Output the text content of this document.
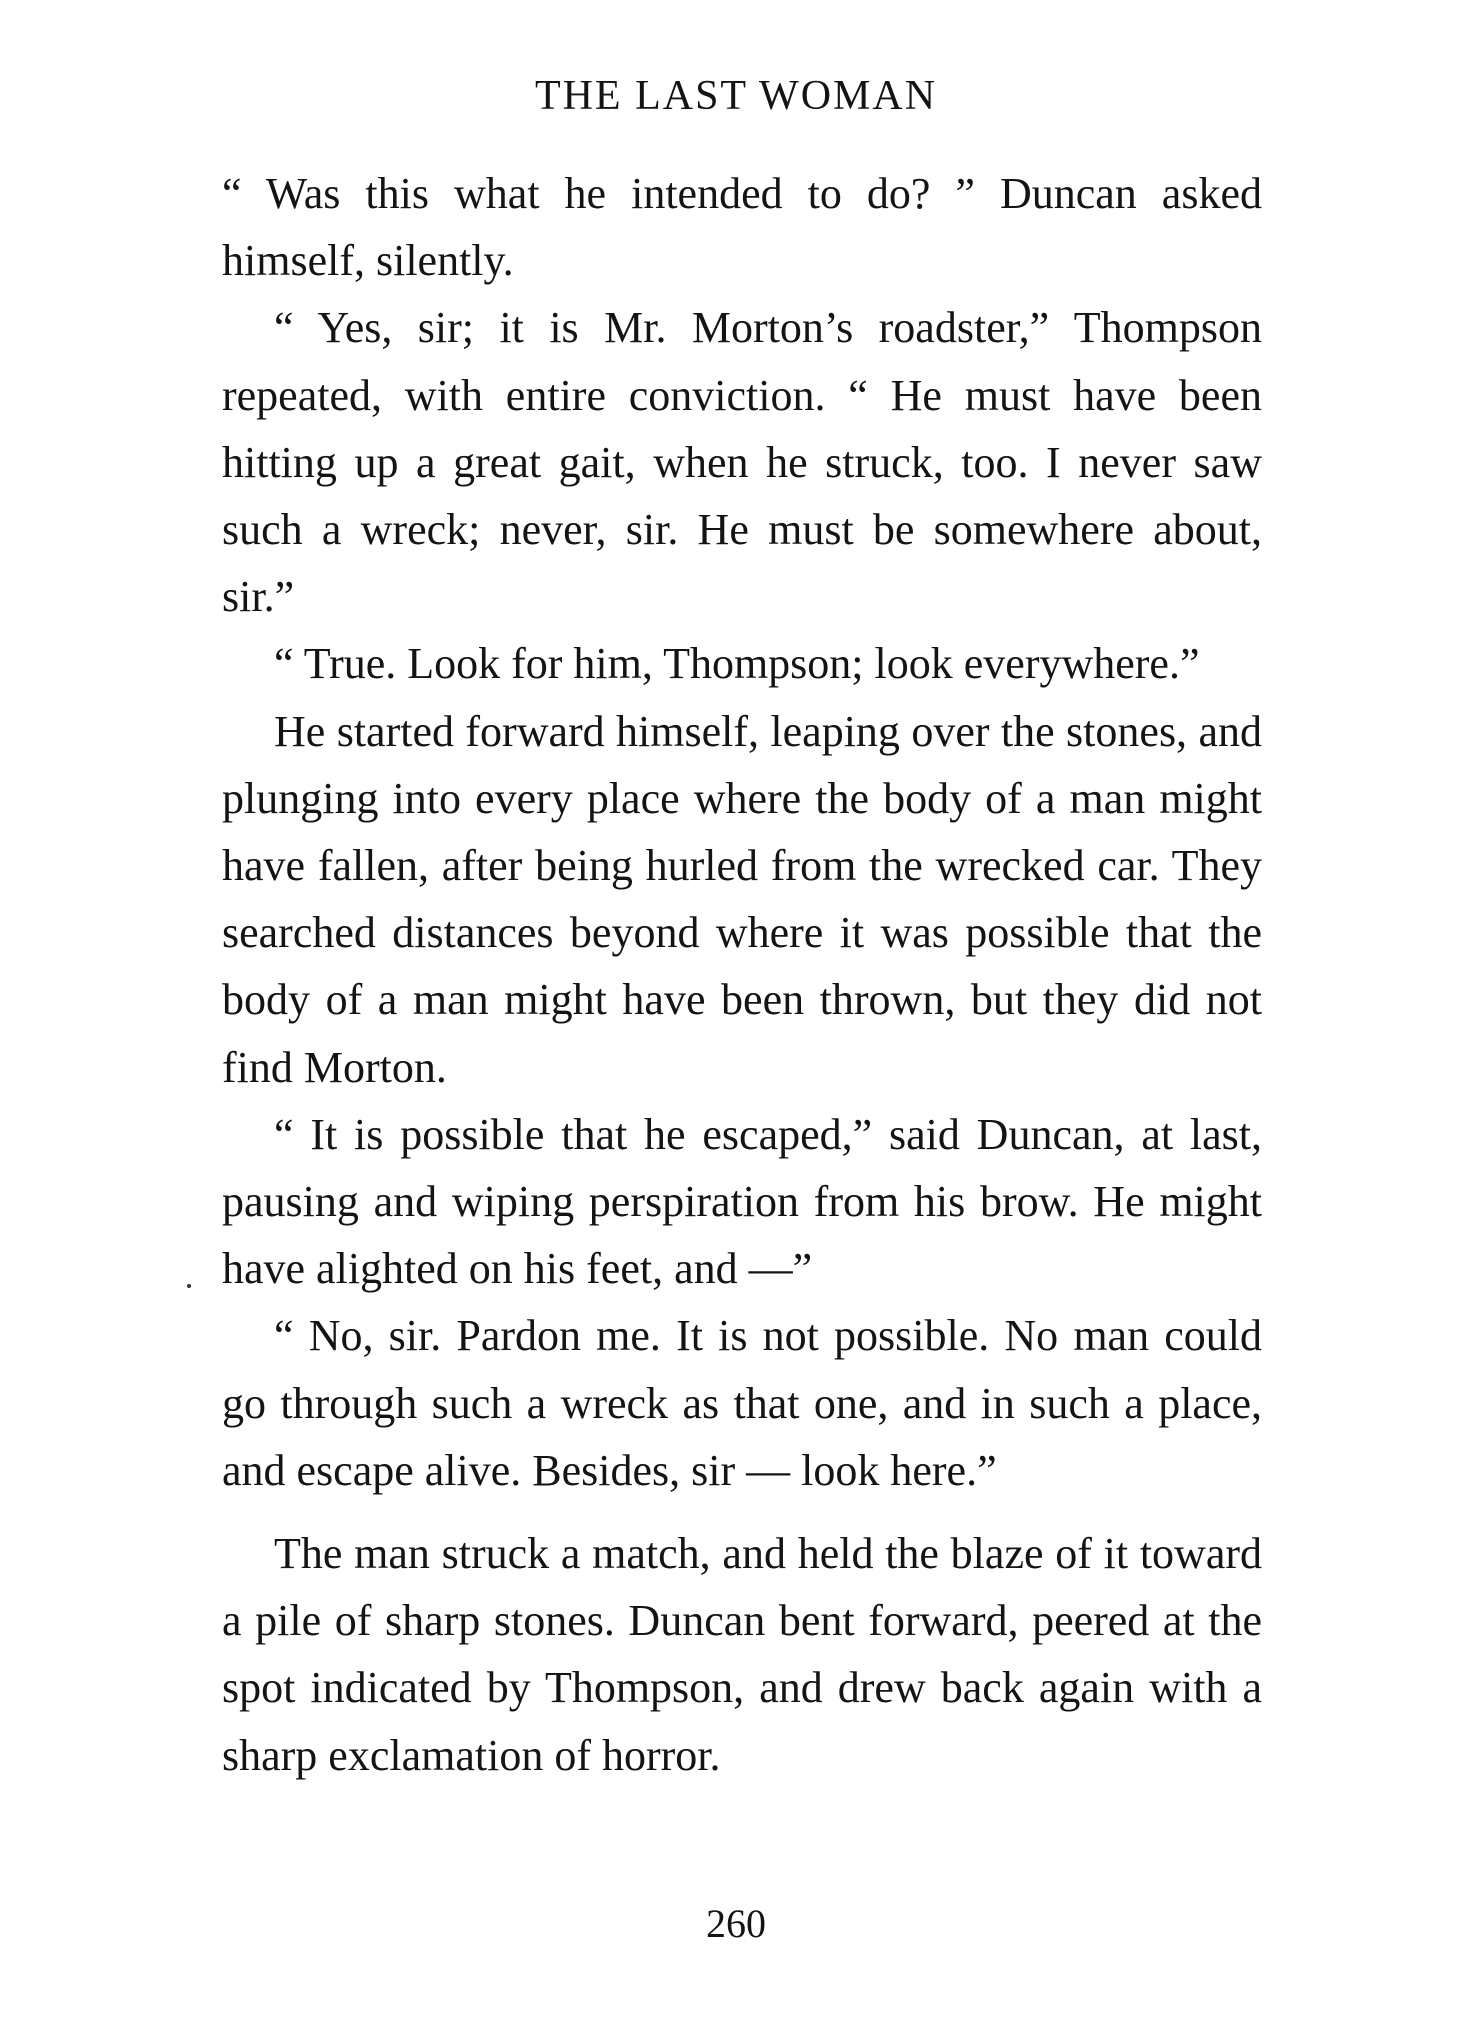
THE LAST WOMAN

“ Was this what he intended to do? ” Duncan asked himself, silently.

“ Yes, sir; it is Mr. Morton’s roadster,” Thompson repeated, with entire conviction. “ He must have been hitting up a great gait, when he struck, too. I never saw such a wreck; never, sir. He must be somewhere about, sir.”

“ True. Look for him, Thompson; look everywhere.”

He started forward himself, leaping over the stones, and plunging into every place where the body of a man might have fallen, after being hurled from the wrecked car. They searched distances beyond where it was possible that the body of a man might have been thrown, but they did not find Morton.

“ It is possible that he escaped,” said Duncan, at last, pausing and wiping perspiration from his brow. He might have alighted on his feet, and —”

“ No, sir. Pardon me. It is not possible. No man could go through such a wreck as that one, and in such a place, and escape alive. Besides, sir — look here.”

The man struck a match, and held the blaze of it toward a pile of sharp stones. Duncan bent forward, peered at the spot indicated by Thompson, and drew back again with a sharp exclamation of horror.

260
